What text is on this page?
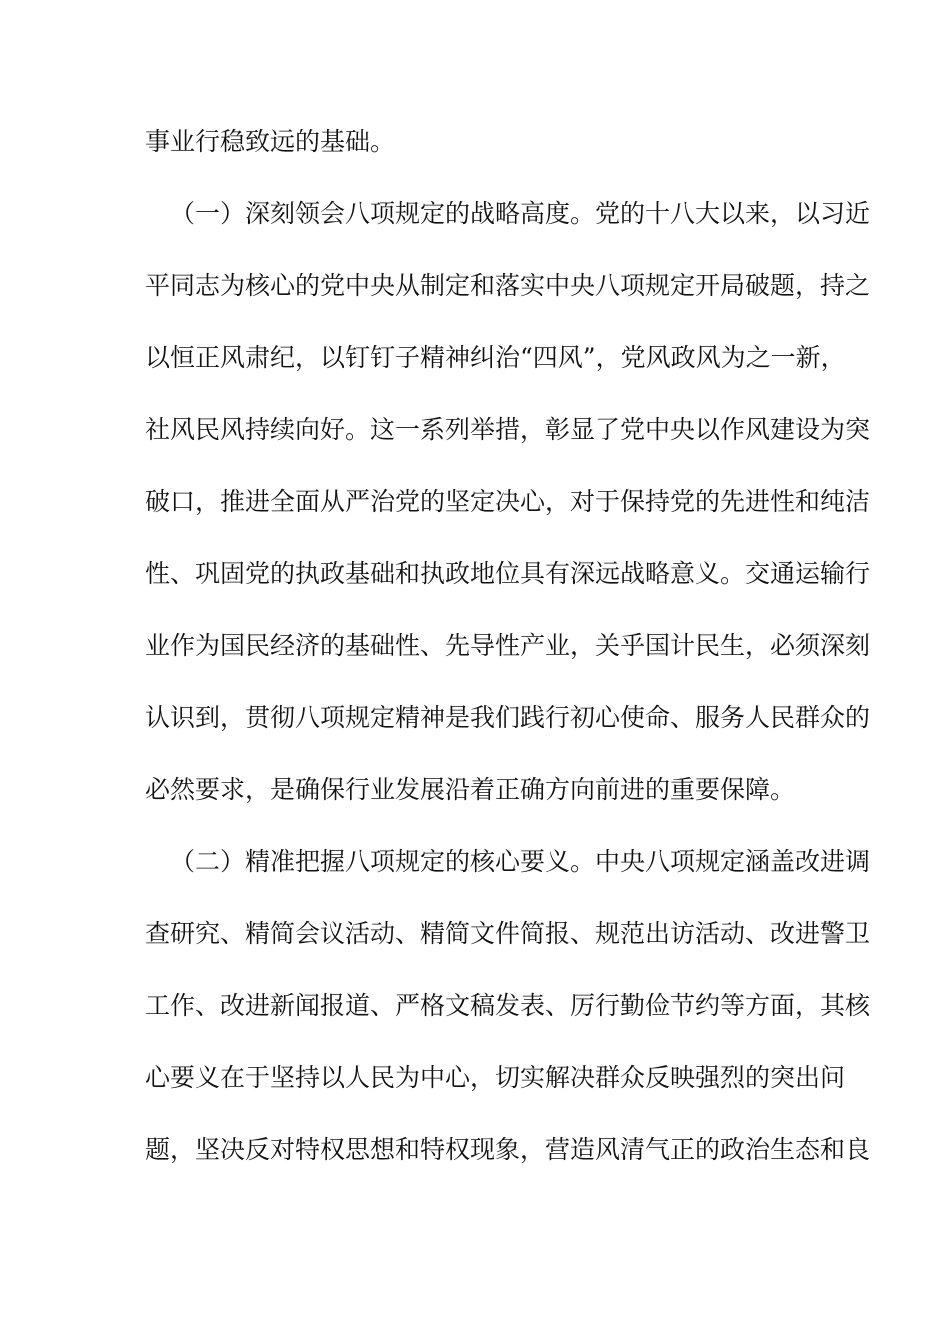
事业行稳致远的基础。
（一）深刻领会八项规定的战略高度。党的十八大以来，以习近
平同志为核心的党中央从制定和落实中央八项规定开局破题，持之
以恒正风肃纪，以钉钉子精神纠治“四风”，党风政风为之一新，
社风民风持续向好。这一系列举措，彰显了党中央以作风建设为突
破口，推进全面从严治党的坚定决心，对于保持党的先进性和纯洁
性、巩固党的执政基础和执政地位具有深远战略意义。交通运输行
业作为国民经济的基础性、先导性产业，关乎国计民生，必须深刻
认识到，贯彻八项规定精神是我们践行初心使命、服务人民群众的
必然要求，是确保行业发展沿着正确方向前进的重要保障。
（二）精准把握八项规定的核心要义。中央八项规定涵盖改进调
查研究、精简会议活动、精简文件简报、规范出访活动、改进警卫
工作、改进新闻报道、严格文稿发表、厉行勤俭节约等方面，其核
心要义在于坚持以人民为中心，切实解决群众反映强烈的突出问
题，坚决反对特权思想和特权现象，营造风清气正的政治生态和良
